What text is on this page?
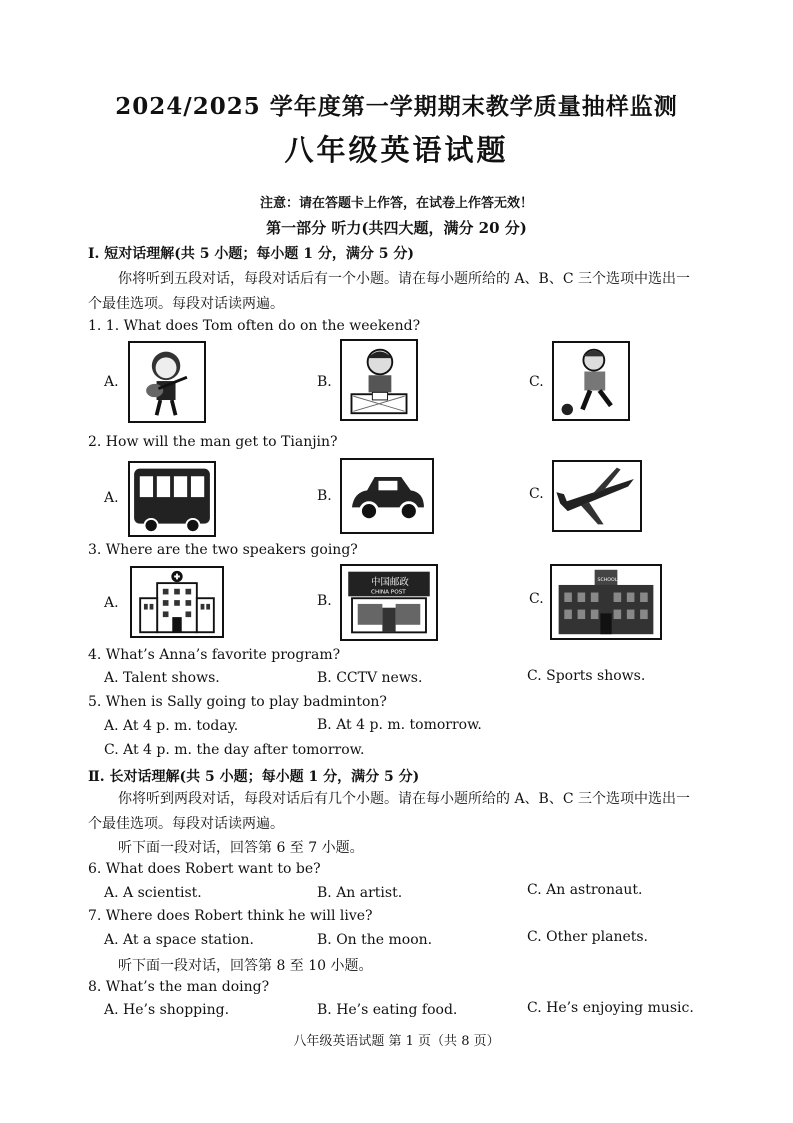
2024/2025 学年度第一学期期末教学质量抽样监测
八年级英语试题
注意：请在答题卡上作答，在试卷上作答无效！
第一部分 听力(共四大题，满分 20 分)
Ⅰ. 短对话理解(共 5 小题；每小题 1 分，满分 5 分)
你将听到五段对话，每段对话后有一个小题。请在每小题所给的 A、B、C 三个选项中选出一
个最佳选项。每段对话读两遍。
1. 1. What does Tom often do on the weekend?
A.	B.	C.
2. How will the man get to Tianjin?
A.	B.	C.
3. Where are the two speakers going?
A.	B.
中国邮政
CHINA POST	C.
SCHOOL
4. What’s Anna’s favorite program?
A. Talent shows.	B. CCTV news.	C. Sports shows.
5. When is Sally going to play badminton?
A. At 4 p. m. today.	B. At 4 p. m. tomorrow.
C. At 4 p. m. the day after tomorrow.
Ⅱ. 长对话理解(共 5 小题；每小题 1 分，满分 5 分)
你将听到两段对话，每段对话后有几个小题。请在每小题所给的 A、B、C 三个选项中选出一
个最佳选项。每段对话读两遍。
听下面一段对话，回答第 6 至 7 小题。
6. What does Robert want to be?
A. A scientist.	B. An artist.	C. An astronaut.
7. Where does Robert think he will live?
A. At a space station.	B. On the moon.	C. Other planets.
听下面一段对话，回答第 8 至 10 小题。
8. What’s the man doing?
A. He’s shopping.	B. He’s eating food.	C. He’s enjoying music.
八年级英语试题 第 1 页（共 8 页）
